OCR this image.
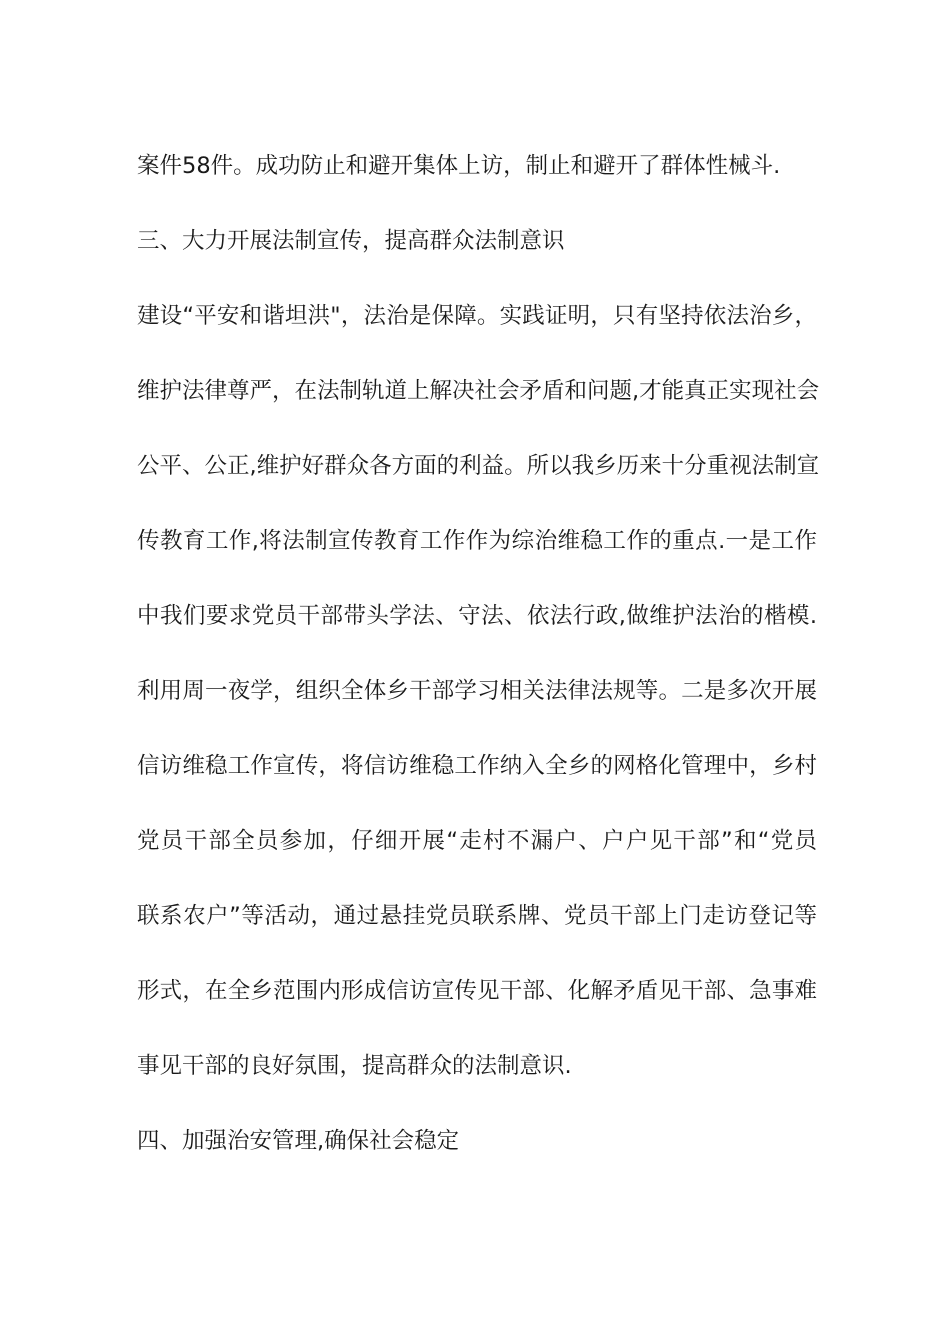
案件58件。成功防止和避开集体上访，制止和避开了群体性械斗.
三、大力开展法制宣传，提高群众法制意识
建设“平安和谐坦洪"，法治是保障。实践证明，只有坚持依法治乡，
维护法律尊严，在法制轨道上解决社会矛盾和问题,才能真正实现社会
公平、公正,维护好群众各方面的利益。所以我乡历来十分重视法制宣
传教育工作,将法制宣传教育工作作为综治维稳工作的重点.一是工作
中我们要求党员干部带头学法、守法、依法行政,做维护法治的楷模.
利用周一夜学，组织全体乡干部学习相关法律法规等。二是多次开展
信访维稳工作宣传，将信访维稳工作纳入全乡的网格化管理中，乡村
党员干部全员参加，仔细开展“走村不漏户、户户见干部”和“党员
联系农户”等活动，通过悬挂党员联系牌、党员干部上门走访登记等
形式，在全乡范围内形成信访宣传见干部、化解矛盾见干部、急事难
事见干部的良好氛围，提高群众的法制意识.
四、加强治安管理,确保社会稳定
